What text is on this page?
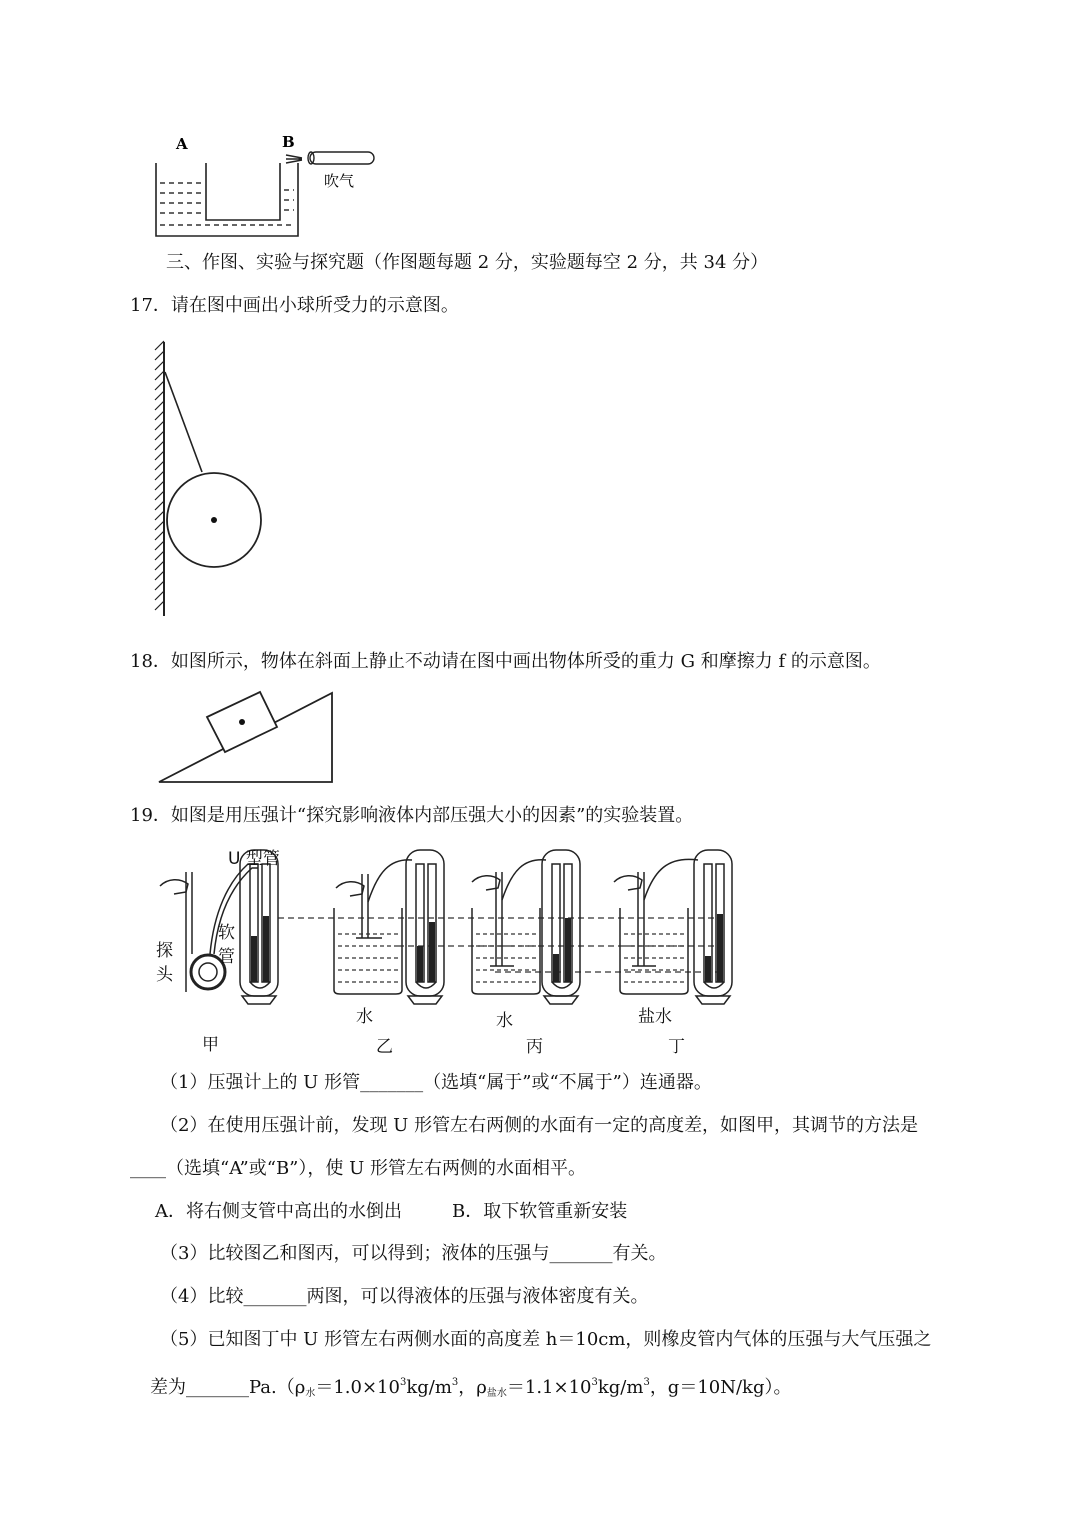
A	B
吹气
三、作图、实验与探究题（作图题每题 2 分，实验题每空 2 分，共 34 分）
17．请在图中画出小球所受力的示意图。
18．如图所示，物体在斜面上静止不动请在图中画出物体所受的重力 G 和摩擦力 f 的示意图。
19．如图是用压强计“探究影响液体内部压强大小的因素”的实验装置。
U 型管
探
头
软
管
甲
水
乙
水
丙
盐水
丁
（1）压强计上的 U 形管_______（选填“属于”或“不属于”）连通器。
（2）在使用压强计前，发现 U 形管左右两侧的水面有一定的高度差，如图甲，其调节的方法是
____（选填“A”或“B”），使 U 形管左右两侧的水面相平。
A．将右侧支管中高出的水倒出	B．取下软管重新安装
（3）比较图乙和图丙，可以得到；液体的压强与_______有关。
（4）比较_______两图，可以得液体的压强与液体密度有关。
（5）已知图丁中 U 形管左右两侧水面的高度差 h＝10cm，则橡皮管内气体的压强与大气压强之
差为$\_\_\_\_\_\_\_Pa.(\rho_水=1.0\times 10^3kg/m^3$，$\rho_{盐水}=1.1\times 10^3kg/m^3$，g＝10N/kg）。
